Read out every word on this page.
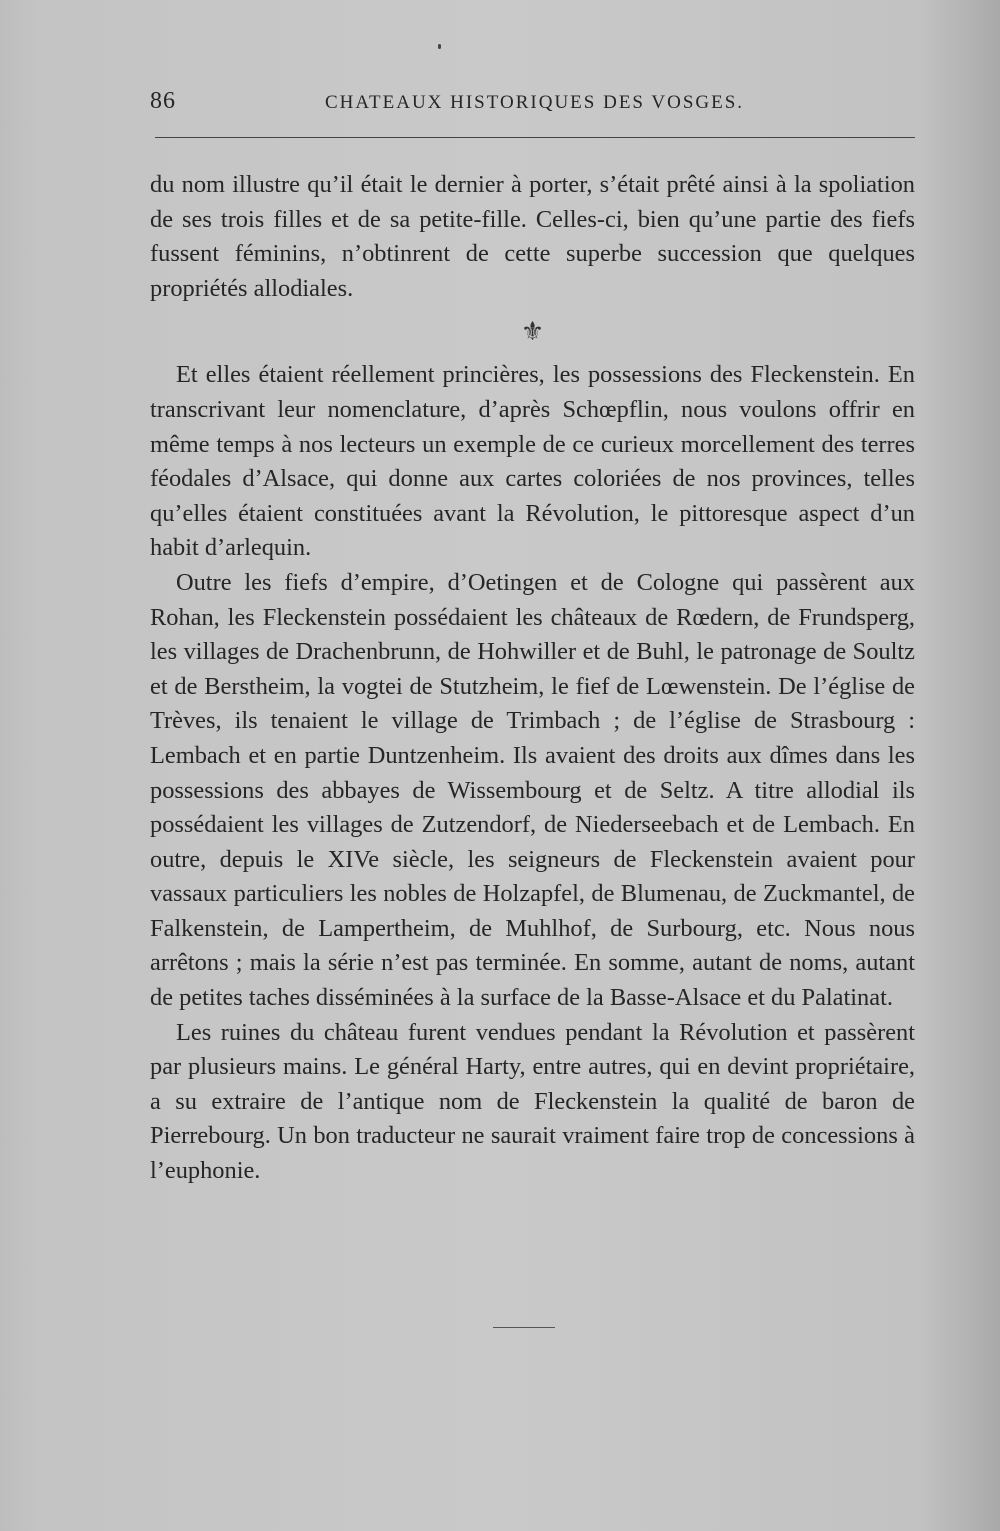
86	CHATEAUX HISTORIQUES DES VOSGES.

du nom illustre qu’il était le dernier à porter, s’était prêté ainsi à la spoliation de ses trois filles et de sa petite-fille. Celles-ci, bien qu’une partie des fiefs fussent féminins, n’obtinrent de cette superbe succession que quelques propriétés allodiales.

⚜

Et elles étaient réellement princières, les possessions des Fleckenstein. En transcrivant leur nomenclature, d’après Schœpflin, nous voulons offrir en même temps à nos lecteurs un exemple de ce curieux morcellement des terres féodales d’Alsace, qui donne aux cartes coloriées de nos provinces, telles qu’elles étaient constituées avant la Révolution, le pittoresque aspect d’un habit d’arlequin.

Outre les fiefs d’empire, d’Oetingen et de Cologne qui passèrent aux Rohan, les Fleckenstein possédaient les châteaux de Rœdern, de Frundsperg, les villages de Drachenbrunn, de Hohwiller et de Buhl, le patronage de Soultz et de Berstheim, la vogtei de Stutzheim, le fief de Lœwenstein. De l’église de Trèves, ils tenaient le village de Trimbach ; de l’église de Strasbourg : Lembach et en partie Duntzenheim. Ils avaient des droits aux dîmes dans les possessions des abbayes de Wissembourg et de Seltz. A titre allodial ils possédaient les villages de Zutzendorf, de Niederseebach et de Lembach. En outre, depuis le XIVe siècle, les seigneurs de Fleckenstein avaient pour vassaux particuliers les nobles de Holzapfel, de Blumenau, de Zuckmantel, de Falkenstein, de Lampertheim, de Muhlhof, de Surbourg, etc. Nous nous arrêtons ; mais la série n’est pas terminée. En somme, autant de noms, autant de petites taches disséminées à la surface de la Basse-Alsace et du Palatinat.

Les ruines du château furent vendues pendant la Révolution et passèrent par plusieurs mains. Le général Harty, entre autres, qui en devint propriétaire, a su extraire de l’antique nom de Fleckenstein la qualité de baron de Pierrebourg. Un bon traducteur ne saurait vraiment faire trop de concessions à l’euphonie.
